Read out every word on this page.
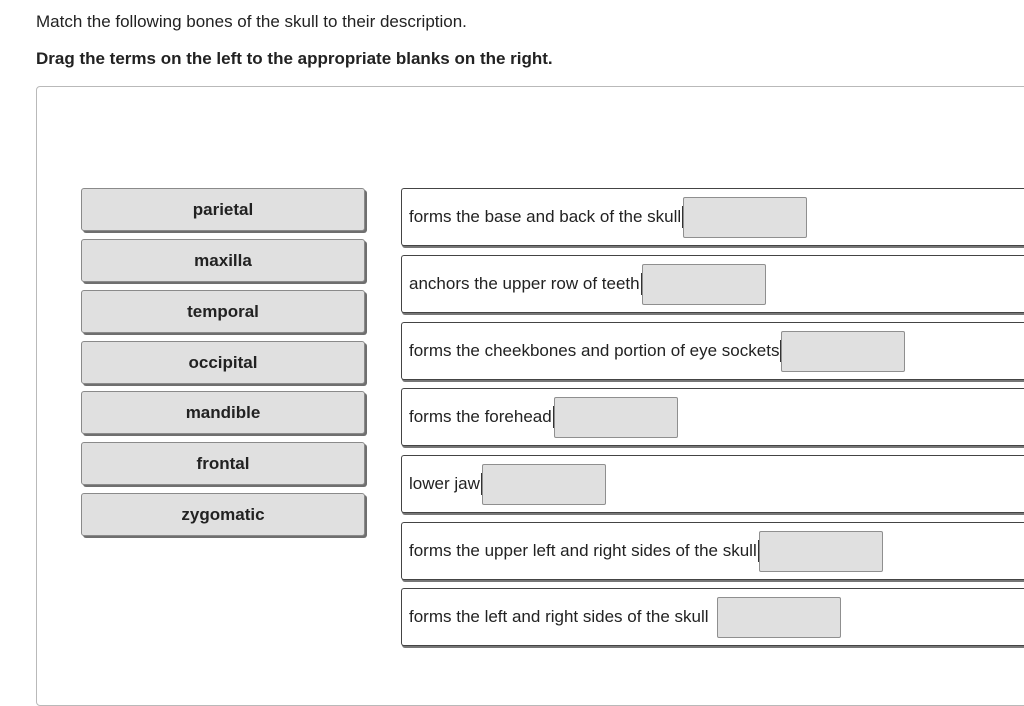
Match the following bones of the skull to their description.
Drag the terms on the left to the appropriate blanks on the right.
parietal
maxilla
temporal
occipital
mandible
frontal
zygomatic
forms the base and back of the skull
anchors the upper row of teeth
forms the cheekbones and portion of eye sockets
forms the forehead
lower jaw
forms the upper left and right sides of the skull
forms the left and right sides of the skull
